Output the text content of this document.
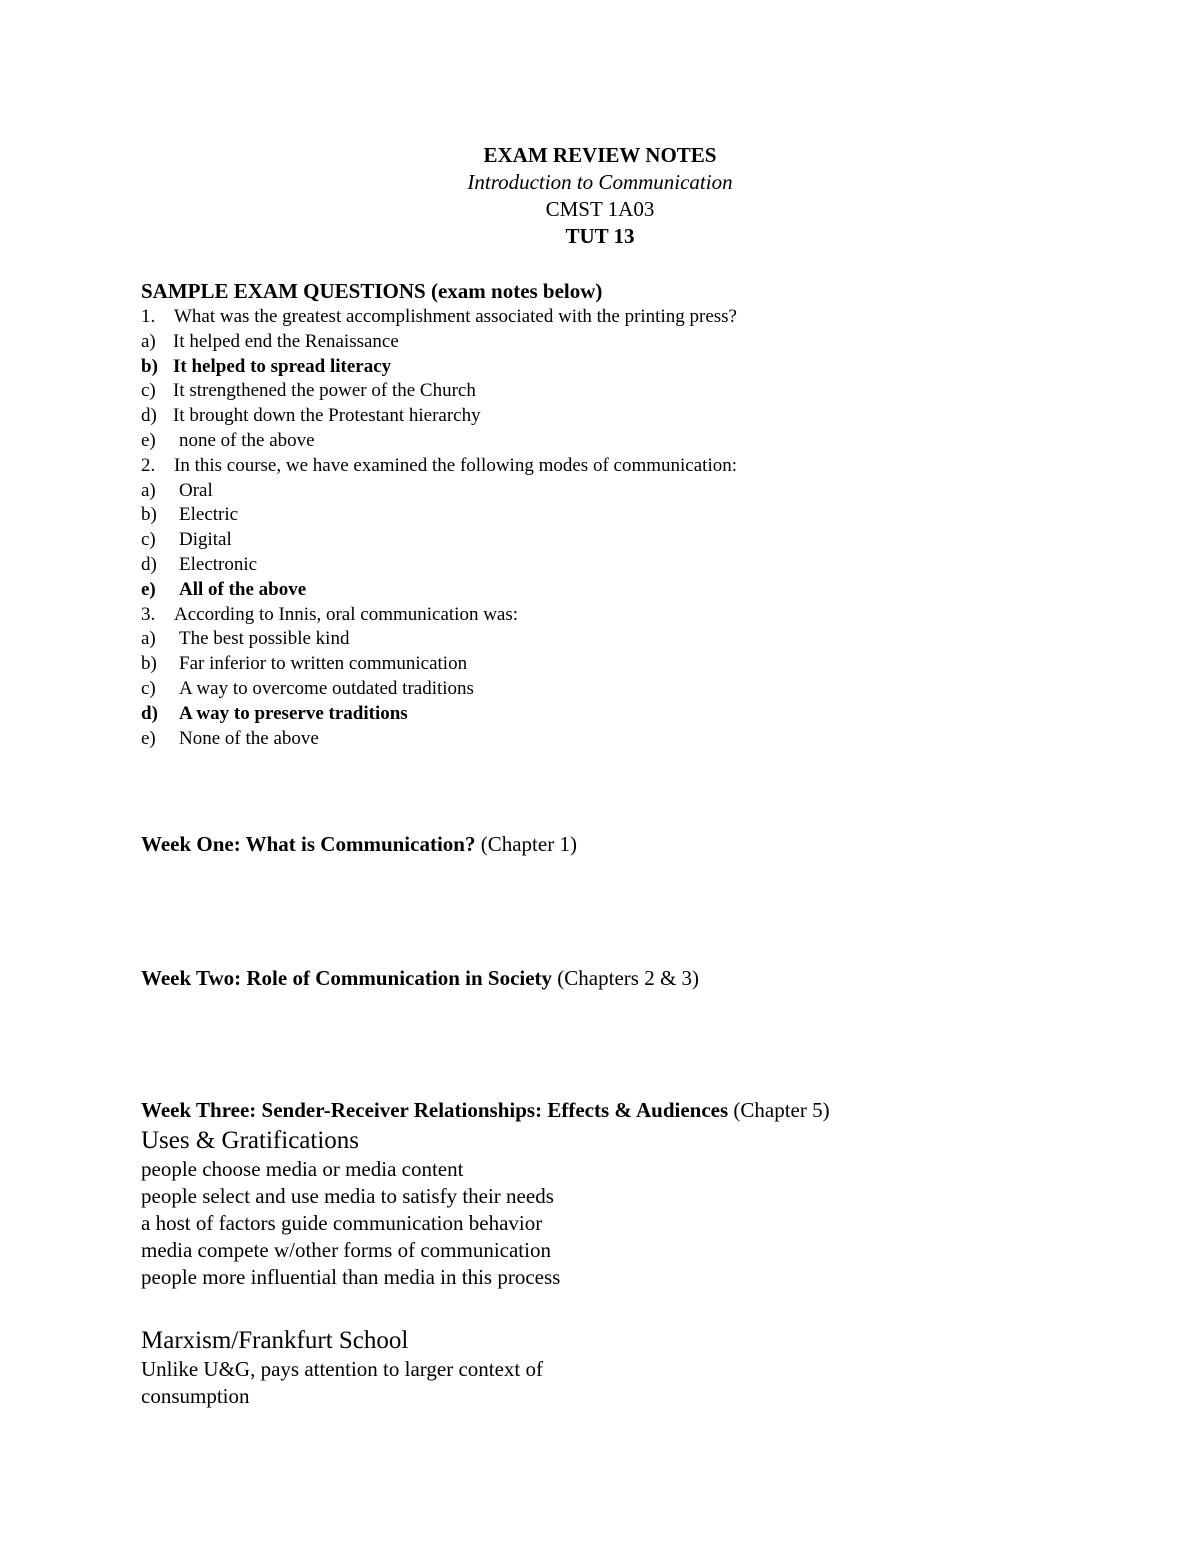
EXAM REVIEW NOTES
Introduction to Communication
CMST 1A03
TUT 13
SAMPLE EXAM QUESTIONS (exam notes below)
1. What was the greatest accomplishment associated with the printing press?
a) It helped end the Renaissance
b) It helped to spread literacy
c) It strengthened the power of the Church
d) It brought down the Protestant hierarchy
e) none of the above
2. In this course, we have examined the following modes of communication:
a) Oral
b) Electric
c) Digital
d) Electronic
e) All of the above
3. According to Innis, oral communication was:
a) The best possible kind
b) Far inferior to written communication
c) A way to overcome outdated traditions
d) A way to preserve traditions
e) None of the above
Week One: What is Communication? (Chapter 1)
Week Two: Role of Communication in Society (Chapters 2 & 3)
Week Three: Sender-Receiver Relationships: Effects & Audiences (Chapter 5)
Uses & Gratifications
people choose media or media content
people select and use media to satisfy their needs
a host of factors guide communication behavior
media compete w/other forms of communication
people more influential than media in this process
Marxism/Frankfurt School
Unlike U&G, pays attention to larger context of
consumption
